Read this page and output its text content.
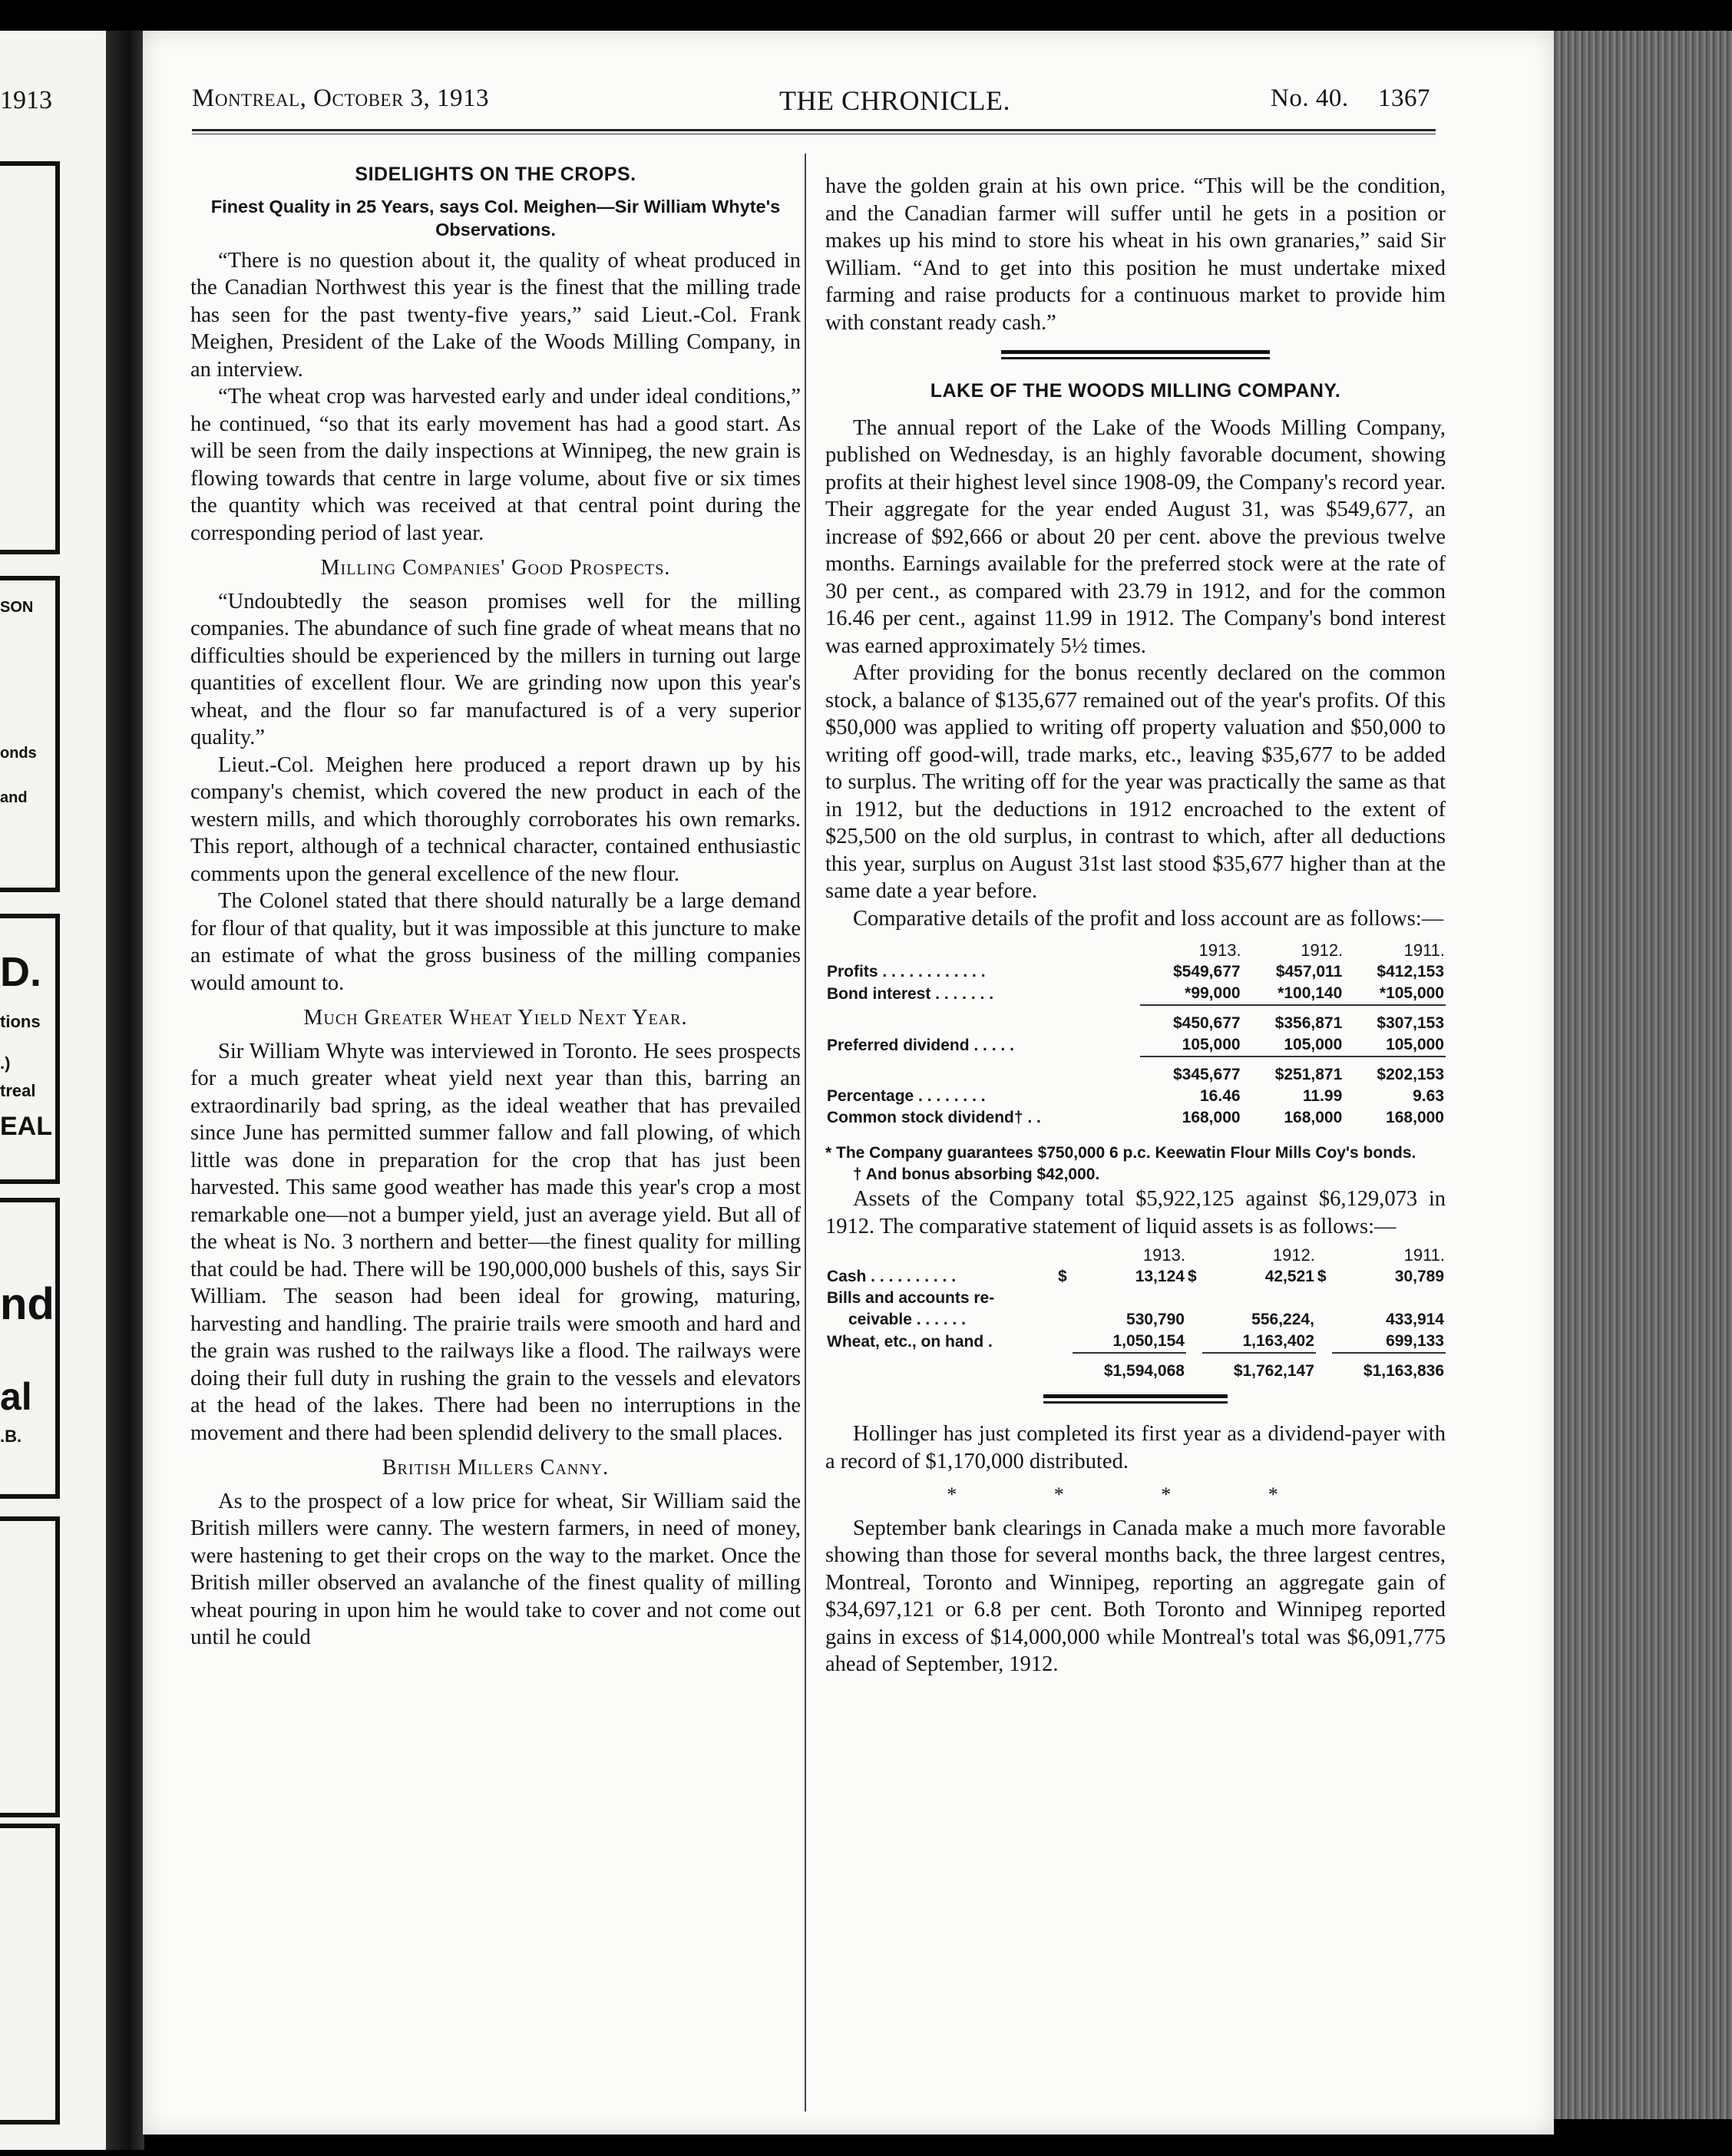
1913
SON
onds
and
D.
tions
.)
treal
EAL
nd
al
.B.
Montreal, October 3, 1913	THE CHRONICLE.	No. 40. 1367
SIDELIGHTS ON THE CROPS.
Finest Quality in 25 Years, says Col. Meighen—Sir William Whyte's Observations.

“There is no question about it, the quality of wheat produced in the Canadian Northwest this year is the finest that the milling trade has seen for the past twenty-five years,” said Lieut.-Col. Frank Meighen, President of the Lake of the Woods Milling Company, in an interview.

“The wheat crop was harvested early and under ideal conditions,” he continued, “so that its early movement has had a good start. As will be seen from the daily inspections at Winnipeg, the new grain is flowing towards that centre in large volume, about five or six times the quantity which was received at that central point during the corresponding period of last year.

Milling Companies' Good Prospects.

“Undoubtedly the season promises well for the milling companies. The abundance of such fine grade of wheat means that no difficulties should be experienced by the millers in turning out large quantities of excellent flour. We are grinding now upon this year's wheat, and the flour so far manufactured is of a very superior quality.”

Lieut.-Col. Meighen here produced a report drawn up by his company's chemist, which covered the new product in each of the western mills, and which thoroughly corroborates his own remarks. This report, although of a technical character, contained enthusiastic comments upon the general excellence of the new flour.

The Colonel stated that there should naturally be a large demand for flour of that quality, but it was impossible at this juncture to make an estimate of what the gross business of the milling companies would amount to.

Much Greater Wheat Yield Next Year.

Sir William Whyte was interviewed in Toronto. He sees prospects for a much greater wheat yield next year than this, barring an extraordinarily bad spring, as the ideal weather that has prevailed since June has permitted summer fallow and fall plowing, of which little was done in preparation for the crop that has just been harvested. This same good weather has made this year's crop a most remarkable one—not a bumper yield, just an average yield. But all of the wheat is No. 3 northern and better—the finest quality for milling that could be had. There will be 190,000,000 bushels of this, says Sir William. The season had been ideal for growing, maturing, harvesting and handling. The prairie trails were smooth and hard and the grain was rushed to the railways like a flood. The railways were doing their full duty in rushing the grain to the vessels and elevators at the head of the lakes. There had been no interruptions in the movement and there had been splendid delivery to the small places.

British Millers Canny.

As to the prospect of a low price for wheat, Sir William said the British millers were canny. The western farmers, in need of money, were hastening to get their crops on the way to the market. Once the British miller observed an avalanche of the finest quality of milling wheat pouring in upon him he would take to cover and not come out until he could

have the golden grain at his own price. “This will be the condition, and the Canadian farmer will suffer until he gets in a position or makes up his mind to store his wheat in his own granaries,” said Sir William. “And to get into this position he must undertake mixed farming and raise products for a continuous market to provide him with constant ready cash.”

LAKE OF THE WOODS MILLING COMPANY.

The annual report of the Lake of the Woods Milling Company, published on Wednesday, is an highly favorable document, showing profits at their highest level since 1908-09, the Company's record year. Their aggregate for the year ended August 31, was $549,677, an increase of $92,666 or about 20 per cent. above the previous twelve months. Earnings available for the preferred stock were at the rate of 30 per cent., as compared with 23.79 in 1912, and for the common 16.46 per cent., against 11.99 in 1912. The Company's bond interest was earned approximately 5½ times.

After providing for the bonus recently declared on the common stock, a balance of $135,677 remained out of the year's profits. Of this $50,000 was applied to writing off property valuation and $50,000 to writing off good-will, trade marks, etc., leaving $35,677 to be added to surplus. The writing off for the year was practically the same as that in 1912, but the deductions in 1912 encroached to the extent of $25,500 on the old surplus, in contrast to which, after all deductions this year, surplus on August 31st last stood $35,677 higher than at the same date a year before.

Comparative details of the profit and loss account are as follows:—

	1913.	1912.	1911.
Profits . . . . . . . . . . . .	$549,677	$457,011	$412,153
Bond interest . . . . . . .	*99,000	*100,140	*105,000

	$450,677	$356,871	$307,153
Preferred dividend . . . . .	105,000	105,000	105,000

	$345,677	$251,871	$202,153
Percentage . . . . . . . .	16.46	11.99	9.63
Common stock dividend† . .	168,000	168,000	168,000
* The Company guarantees $750,000 6 p.c. Keewatin Flour Mills Coy's bonds.
† And bonus absorbing $42,000.

Assets of the Company total $5,922,125 against $6,129,073 in 1912. The comparative statement of liquid assets is as follows:—

		1913.		1912.		1911.
Cash . . . . . . . . . .	$	13,124	$	42,521	$	30,789
Bills and accounts re-						
ceivable . . . . . .		530,790		556,224,		433,914
Wheat, etc., on hand .		1,050,154		1,163,402		699,133

		$1,594,068		$1,762,147		$1,163,836

Hollinger has just completed its first year as a dividend-payer with a record of $1,170,000 distributed.

* * * *

September bank clearings in Canada make a much more favorable showing than those for several months back, the three largest centres, Montreal, Toronto and Winnipeg, reporting an aggregate gain of $34,697,121 or 6.8 per cent. Both Toronto and Winnipeg reported gains in excess of $14,000,000 while Montreal's total was $6,091,775 ahead of September, 1912.
